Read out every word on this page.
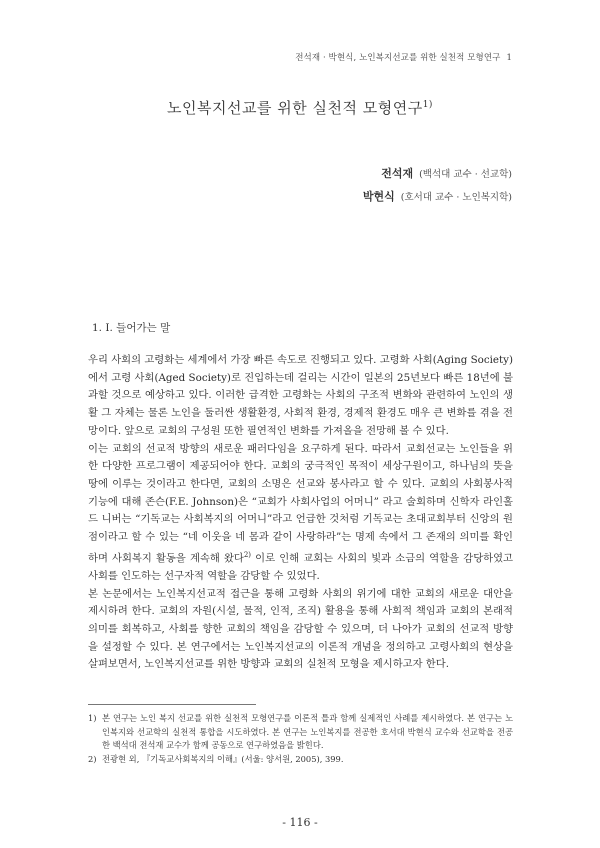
전석재 · 박현식, 노인복지선교를 위한 실천적 모형연구 1
노인복지선교를 위한 실천적 모형연구$^{1)}$
전석재 (백석대 교수 · 선교학)
박현식 (호서대 교수 · 노인복지학)
1. I. 들어가는 말

우리 사회의 고령화는 세계에서 가장 빠른 속도로 진행되고 있다. 고령화 사회(Aging Society)에서 고령 사회(Aged Society)로 진입하는데 걸리는 시간이 일본의 25년보다 빠른 18년에 불과할 것으로 예상하고 있다. 이러한 급격한 고령화는 사회의 구조적 변화와 관련하여 노인의 생활 그 자체는 물론 노인을 둘러싼 생활환경, 사회적 환경, 경제적 환경도 매우 큰 변화를 겪을 전망이다. 앞으로 교회의 구성원 또한 필연적인 변화를 가져올을 전망해 볼 수 있다.

이는 교회의 선교적 방향의 새로운 패러다임을 요구하게 된다. 따라서 교회선교는 노인들을 위한 다양한 프로그램이 제공되어야 한다. 교회의 궁극적인 목적이 세상구원이고, 하나님의 뜻을 땅에 이루는 것이라고 한다면, 교회의 소명은 선교와 봉사라고 할 수 있다. 교회의 사회봉사적 기능에 대해 존슨(F.E. Johnson)은 “교회가 사회사업의 어머니” 라고 술회하며 신학자 라인홀드 니버는 “기독교는 사회복지의 어머니”라고 언급한 것처럼 기독교는 초대교회부터 신앙의 원점이라고 할 수 있는 “네 이웃을 네 몸과 같이 사랑하라”는 명제 속에서 그 존재의 의미를 확인 하며 사회복지 활동을 계속해 왔다$^{2)}$ 이로 인해 교회는 사회의 빛과 소금의 역할을 감당하였고 사회를 인도하는 선구자적 역할을 감당할 수 있었다.

본 논문에서는 노인복지선교적 접근을 통해 고령화 사회의 위기에 대한 교회의 새로운 대안을 제시하려 한다. 교회의 자원(시설, 물적, 인적, 조직) 활용을 통해 사회적 책임과 교회의 본래적 의미를 회복하고, 사회를 향한 교회의 책임을 감당할 수 있으며, 더 나아가 교회의 선교적 방향을 설정할 수 있다. 본 연구에서는 노인복지선교의 이론적 개념을 정의하고 고령사회의 현상을 살펴보면서, 노인복지선교를 위한 방향과 교회의 실천적 모형을 제시하고자 한다.

1) 본 연구는 노인 복지 선교를 위한 실천적 모형연구를 이론적 틀과 함께 실제적인 사례를 제시하였다. 본 연구는 노인복지와 선교학의 실천적 통합을 시도하였다. 본 연구는 노인복지를 전공한 호서대 박현식 교수와 선교학을 전공한 백석대 전석재 교수가 함께 공동으로 연구하였음을 밝힌다.
2) 전광현 외, 『기독교사회복지의 이해』(서울: 양서원, 2005), 399.
- 116 -
